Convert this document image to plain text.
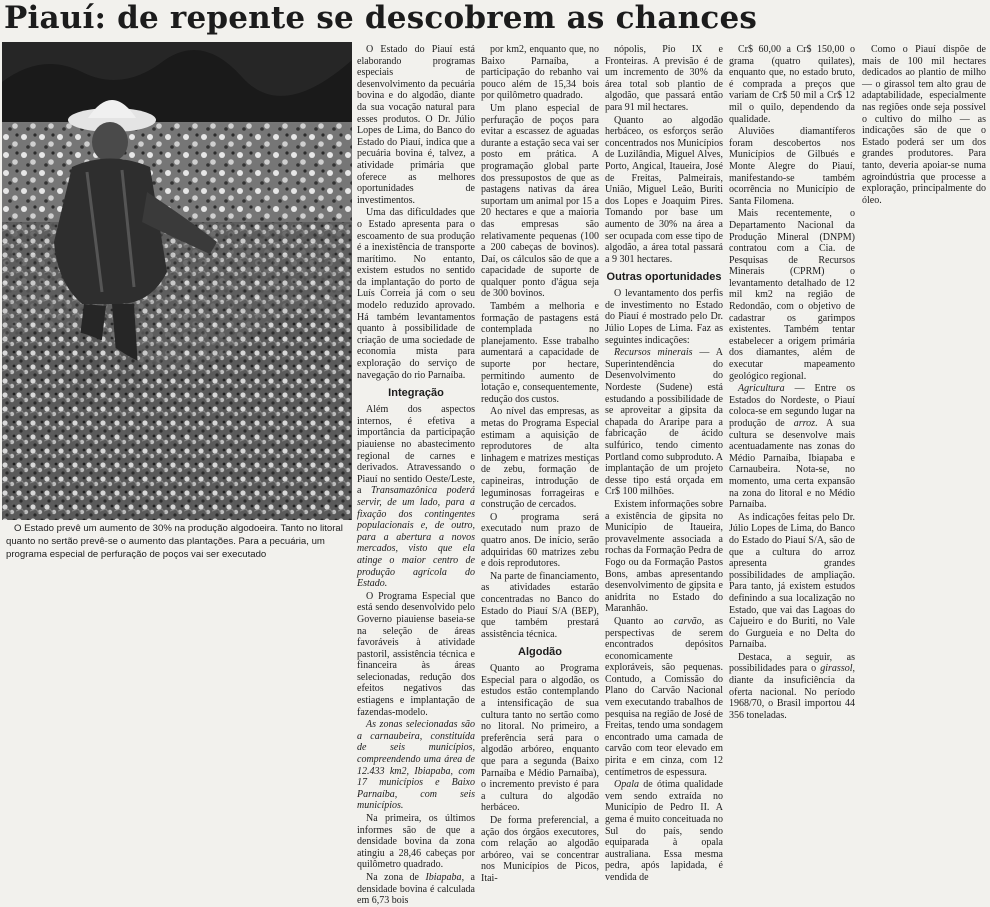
Piauí: de repente se descobrem as chances

O Estado prevê um aumento de 30% na produção algodoeira. Tanto no litoral quanto no sertão prevê-se o aumento das plantações. Para a pecuária, um programa especial de perfuração de poços vai ser executado

O Estado do Piauí está elaborando programas especiais de desenvolvimento da pecuária bovina e do algodão, diante da sua vocação natural para esses produtos. O Dr. Júlio Lopes de Lima, do Banco do Estado do Piauí, indica que a pecuária bovina é, talvez, a atividade primária que oferece as melhores oportunidades de investimentos.

Uma das dificuldades que o Estado apresenta para o escoamento de sua produção é a inexistência de transporte marítimo. No entanto, existem estudos no sentido da implantação do porto de Luís Correia já com o seu modelo reduzido aprovado. Há também levantamentos quanto à possibilidade de criação de uma sociedade de economia mista para exploração do serviço de navegação do rio Parnaíba.

Integração

Além dos aspectos internos, é efetiva a importância da participação piauiense no abastecimento regional de carnes e derivados. Atravessando o Piauí no sentido Oeste/Leste, a Transamazônica poderá servir, de um lado, para a fixação dos contingentes populacionais e, de outro, para a abertura a novos mercados, visto que ela atinge o maior centro de produção agrícola do Estado.

O Programa Especial que está sendo desenvolvido pelo Governo piauiense baseia-se na seleção de áreas favoráveis à atividade pastoril, assistência técnica e financeira às áreas selecionadas, redução dos efeitos negativos das estiagens e implantação de fazendas-modelo.

As zonas selecionadas são a carnaubeira, constituída de seis municípios, compreendendo uma área de 12.433 km2, Ibiapaba, com 17 municípios e Baixo Parnaíba, com seis municípios.

Na primeira, os últimos informes são de que a densidade bovina da zona atingiu a 28,46 cabeças por quilômetro quadrado.

Na zona de Ibiapaba, a densidade bovina é calculada em 6,73 bois

por km2, enquanto que, no Baixo Parnaíba, a participação do rebanho vai pouco além de 15,34 bois por quilômetro quadrado.

Um plano especial de perfuração de poços para evitar a escassez de aguadas durante a estação seca vai ser posto em prática. A programação global parte dos pressupostos de que as pastagens nativas da área suportam um animal por 15 a 20 hectares e que a maioria das empresas são relativamente pequenas (100 a 200 cabeças de bovinos). Daí, os cálculos são de que a capacidade de suporte de qualquer ponto d'água seja de 300 bovinos.

Também a melhoria e formação de pastagens está contemplada no planejamento. Esse trabalho aumentará a capacidade de suporte por hectare, permitindo aumento de lotação e, consequentemente, redução dos custos.

Ao nível das empresas, as metas do Programa Especial estimam a aquisição de reprodutores de alta linhagem e matrizes mestiças de zebu, formação de capineiras, introdução de leguminosas forrageiras e construção de cercados.

O programa será executado num prazo de quatro anos. De início, serão adquiridas 60 matrizes zebu e dois reprodutores.

Na parte de financiamento, as atividades estarão concentradas no Banco do Estado do Piauí S/A (BEP), que também prestará assistência técnica.

Algodão

Quanto ao Programa Especial para o algodão, os estudos estão contemplando a intensificação de sua cultura tanto no sertão como no litoral. No primeiro, a preferência será para o algodão arbóreo, enquanto que para a segunda (Baixo Parnaíba e Médio Parnaíba), o incremento previsto é para a cultura do algodão herbáceo.

De forma preferencial, a ação dos órgãos executores, com relação ao algodão arbóreo, vai se concentrar nos Municípios de Picos, Itai-

nópolis, Pio IX e Fronteiras. A previsão é de um incremento de 30% da área total sob plantio de algodão, que passará então para 91 mil hectares.

Quanto ao algodão herbáceo, os esforços serão concentrados nos Municípios de Luzilândia, Miguel Alves, Porto, Angical, Itaueira, José de Freitas, Palmeirais, União, Miguel Leão, Buriti dos Lopes e Joaquim Pires. Tomando por base um aumento de 30% na área a ser ocupada com esse tipo de algodão, a área total passará a 9 301 hectares.

Outras oportunidades

O levantamento dos perfis de investimento no Estado do Piauí é mostrado pelo Dr. Júlio Lopes de Lima. Faz as seguintes indicações:

Recursos minerais — A Superintendência do Desenvolvimento do Nordeste (Sudene) está estudando a possibilidade de se aproveitar a gipsita da chapada do Araripe para a fabricação de ácido sulfúrico, tendo cimento Portland como subproduto. A implantação de um projeto desse tipo está orçada em Cr$ 100 milhões.

Existem informações sobre a existência de gipsita no Município de Itaueira, provavelmente associada a rochas da Formação Pedra de Fogo ou da Formação Pastos Bons, ambas apresentando desenvolvimento de gipsita e anidrita no Estado do Maranhão.

Quanto ao carvão, as perspectivas de serem encontrados depósitos economicamente exploráveis, são pequenas. Contudo, a Comissão do Plano do Carvão Nacional vem executando trabalhos de pesquisa na região de José de Freitas, tendo uma sondagem encontrado uma camada de carvão com teor elevado em pirita e em cinza, com 12 centímetros de espessura.

Opala de ótima qualidade vem sendo extraída no Município de Pedro II. A gema é muito conceituada no Sul do país, sendo equiparada à opala australiana. Essa mesma pedra, após lapidada, é vendida de

Cr$ 60,00 a Cr$ 150,00 o grama (quatro quilates), enquanto que, no estado bruto, é comprada a preços que variam de Cr$ 50 mil a Cr$ 12 mil o quilo, dependendo da qualidade.

Aluviões diamantíferos foram descobertos nos Municípios de Gilbués e Monte Alegre do Piauí, manifestando-se também ocorrência no Município de Santa Filomena.

Mais recentemente, o Departamento Nacional da Produção Mineral (DNPM) contratou com a Cia. de Pesquisas de Recursos Minerais (CPRM) o levantamento detalhado de 12 mil km2 na região de Redondão, com o objetivo de cadastrar os garimpos existentes. Também tentar estabelecer a origem primária dos diamantes, além de executar mapeamento geológico regional.

Agricultura — Entre os Estados do Nordeste, o Piauí coloca-se em segundo lugar na produção de arroz. A sua cultura se desenvolve mais acentuadamente nas zonas do Médio Parnaíba, Ibiapaba e Carnaubeira. Nota-se, no momento, uma certa expansão na zona do litoral e no Médio Parnaíba.

As indicações feitas pelo Dr. Júlio Lopes de Lima, do Banco do Estado do Piauí S/A, são de que a cultura do arroz apresenta grandes possibilidades de ampliação. Para tanto, já existem estudos definindo a sua localização no Estado, que vai das Lagoas do Cajueiro e do Buriti, no Vale do Gurgueia e no Delta do Parnaíba.

Destaca, a seguir, as possibilidades para o girassol, diante da insuficiência da oferta nacional. No período 1968/70, o Brasil importou 44 356 toneladas.

Como o Piauí dispõe de mais de 100 mil hectares dedicados ao plantio de milho — o girassol tem alto grau de adaptabilidade, especialmente nas regiões onde seja possível o cultivo do milho — as indicações são de que o Estado poderá ser um dos grandes produtores. Para tanto, deveria apoiar-se numa agroindústria que processe a exploração, principalmente do óleo.
